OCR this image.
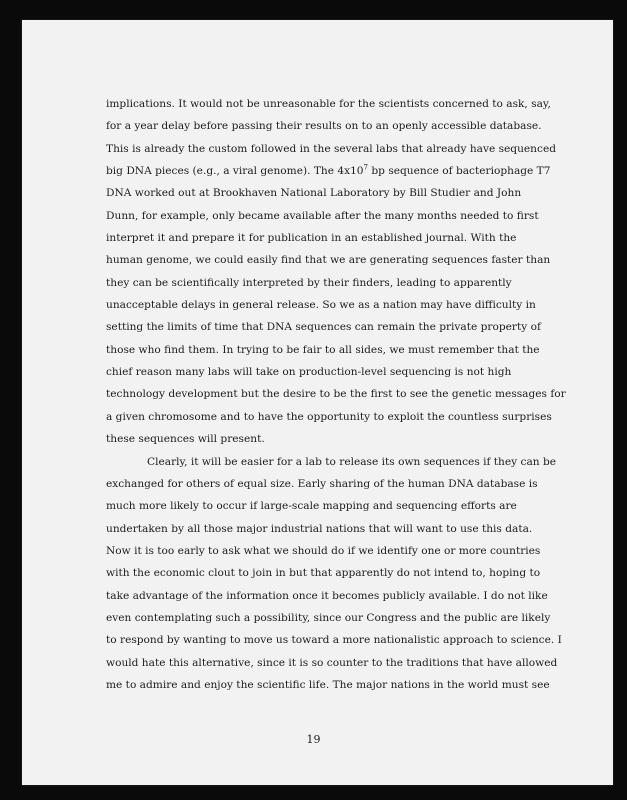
implications. It would not be unreasonable for the scientists concerned to ask, say,
for a year delay before passing their results on to an openly accessible database.
This is already the custom followed in the several labs that already have sequenced
big DNA pieces (e.g., a viral genome). The $4x10^7$ bp sequence of bacteriophage T7
DNA worked out at Brookhaven National Laboratory by Bill Studier and John
Dunn, for example, only became available after the many months needed to first
interpret it and prepare it for publication in an established journal. With the
human genome, we could easily find that we are generating sequences faster than
they can be scientifically interpreted by their finders, leading to apparently
unacceptable delays in general release. So we as a nation may have difficulty in
setting the limits of time that DNA sequences can remain the private property of
those who find them. In trying to be fair to all sides, we must remember that the
chief reason many labs will take on production-level sequencing is not high
technology development but the desire to be the first to see the genetic messages for
a given chromosome and to have the opportunity to exploit the countless surprises
these sequences will present.
Clearly, it will be easier for a lab to release its own sequences if they can be
exchanged for others of equal size. Early sharing of the human DNA database is
much more likely to occur if large-scale mapping and sequencing efforts are
undertaken by all those major industrial nations that will want to use this data.
Now it is too early to ask what we should do if we identify one or more countries
with the economic clout to join in but that apparently do not intend to, hoping to
take advantage of the information once it becomes publicly available. I do not like
even contemplating such a possibility, since our Congress and the public are likely
to respond by wanting to move us toward a more nationalistic approach to science. I
would hate this alternative, since it is so counter to the traditions that have allowed
me to admire and enjoy the scientific life. The major nations in the world must see
19
